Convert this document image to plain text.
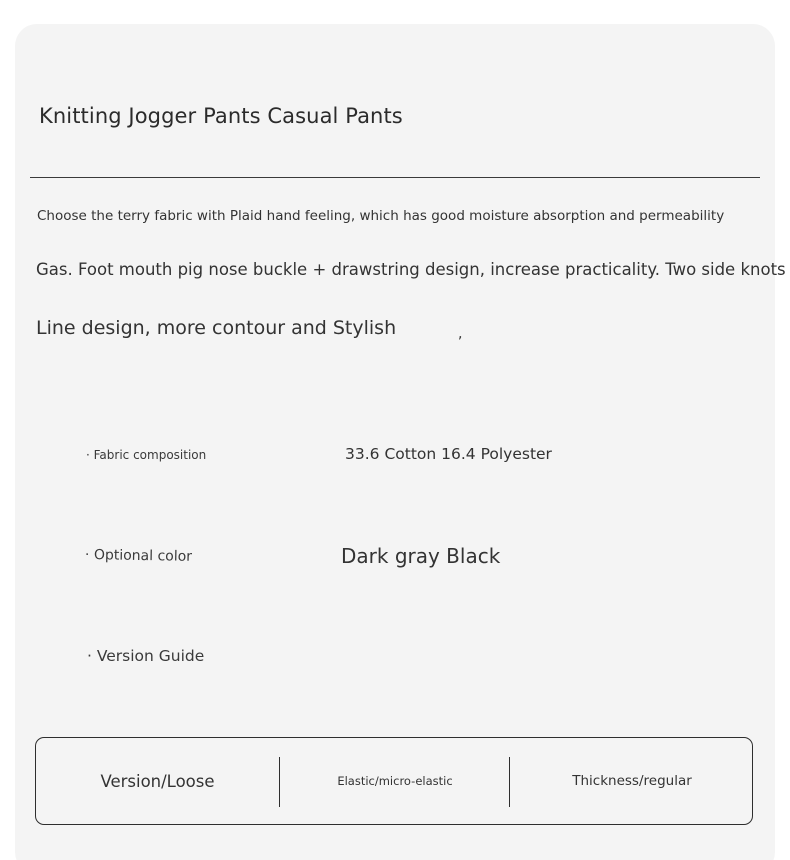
Knitting Jogger Pants Casual Pants
Choose the terry fabric with Plaid hand feeling, which has good moisture absorption and permeability
Gas. Foot mouth pig nose buckle + drawstring design, increase practicality. Two side knots
Line design, more contour and Stylish	,
· Fabric composition	33.6 Cotton 16.4 Polyester
· Optional color	Dark gray Black
· Version Guide
Version/Loose	Elastic/micro-elastic	Thickness/regular
